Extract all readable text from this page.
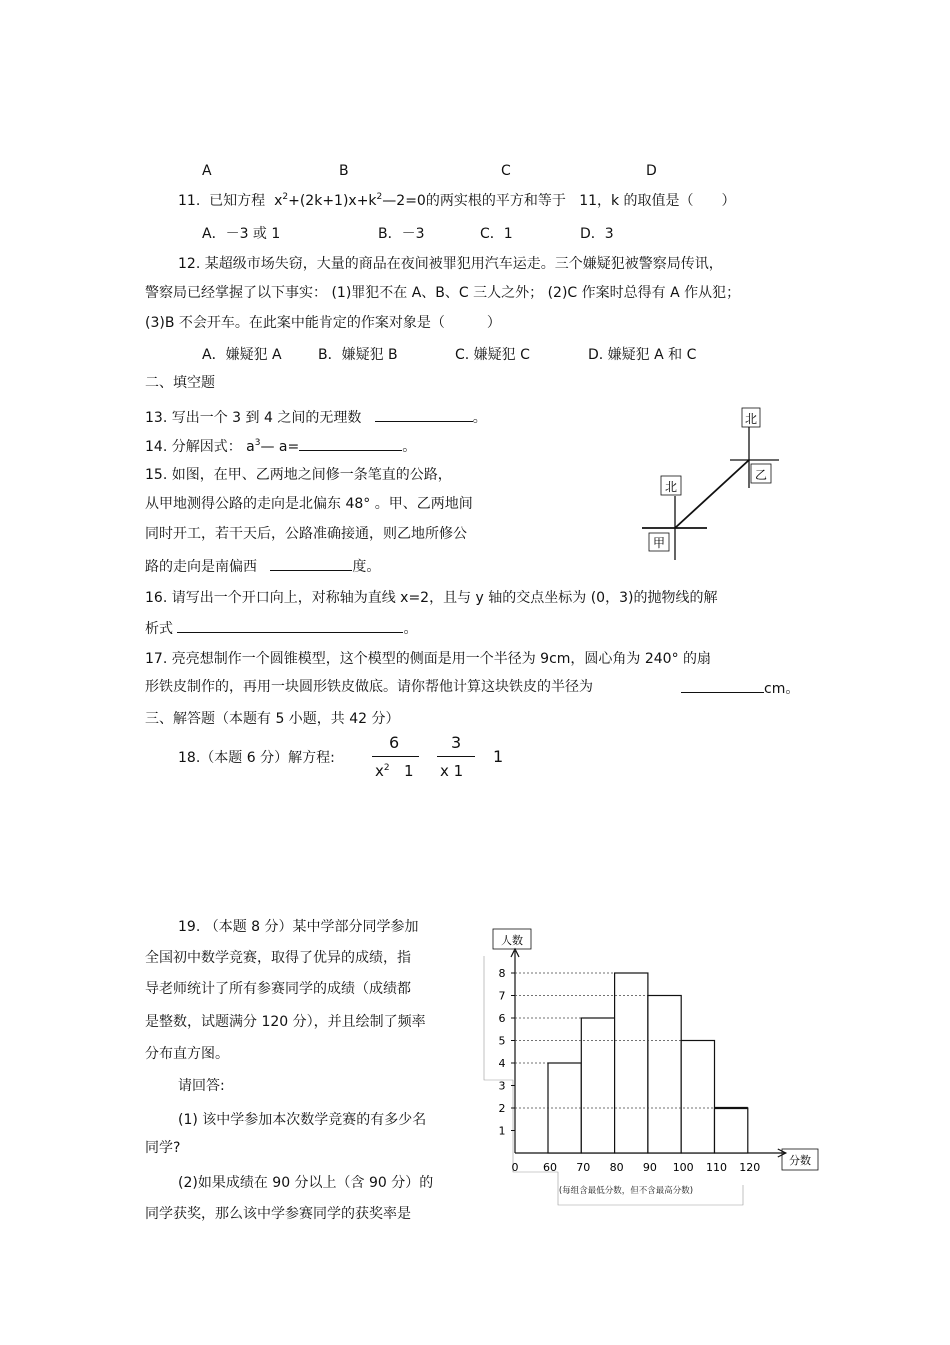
A	B	C	D
11. 已知方程 $x^2+(2k+1)x+k^2—2=0$的两实根的平方和等于 11，k 的取值是（　　）
A．－3 或 1	B．－3	C．1	D．3
12. 某超级市场失窃，大量的商品在夜间被罪犯用汽车运走。三个嫌疑犯被警察局传讯，
警察局已经掌握了以下事实： (1)罪犯不在 A、B、C 三人之外； (2)C 作案时总得有 A 作从犯；
(3)B 不会开车。在此案中能肯定的作案对象是（　　　）
A．嫌疑犯 A	B．嫌疑犯 B	C. 嫌疑犯 C	D. 嫌疑犯 A 和 C
二、填空题
13. 写出一个 3 到 4 之间的无理数	。
14. 分解因式： $a^3—$ a=	。
15. 如图，在甲、乙两地之间修一条笔直的公路，
从甲地测得公路的走向是北偏东 48° 。甲、乙两地间
同时开工，若干天后，公路准确接通，则乙地所修公
路的走向是南偏西	度。
北
乙
北
甲
16. 请写出一个开口向上，对称轴为直线 x=2，且与 y 轴的交点坐标为 (0，3)的抛物线的解
析式	。
17. 亮亮想制作一个圆锥模型，这个模型的侧面是用一个半径为 9cm，圆心角为 240° 的扇
形铁皮制作的，再用一块圆形铁皮做底。请你帮他计算这块铁皮的半径为	cm。
三、解答题（本题有 5 小题，共 42 分）
18.（本题 6 分）解方程:
6
$x^2$ 1
3
x 1
1
19. （本题 8 分）某中学部分同学参加
全国初中数学竞赛，取得了优异的成绩，指
导老师统计了所有参赛同学的成绩（成绩都
是整数，试题满分 120 分），并且绘制了频率
分布直方图。
请回答:
(1) 该中学参加本次数学竞赛的有多少名
同学?
(2)如果成绩在 90 分以上（含 90 分）的
同学获奖，那么该中学参赛同学的获奖率是
人数
分数
(每组含最低分数，但不含最高分数)
1
2
3
4
5
6
7
8
0 60 70 80 90 100 110 120
